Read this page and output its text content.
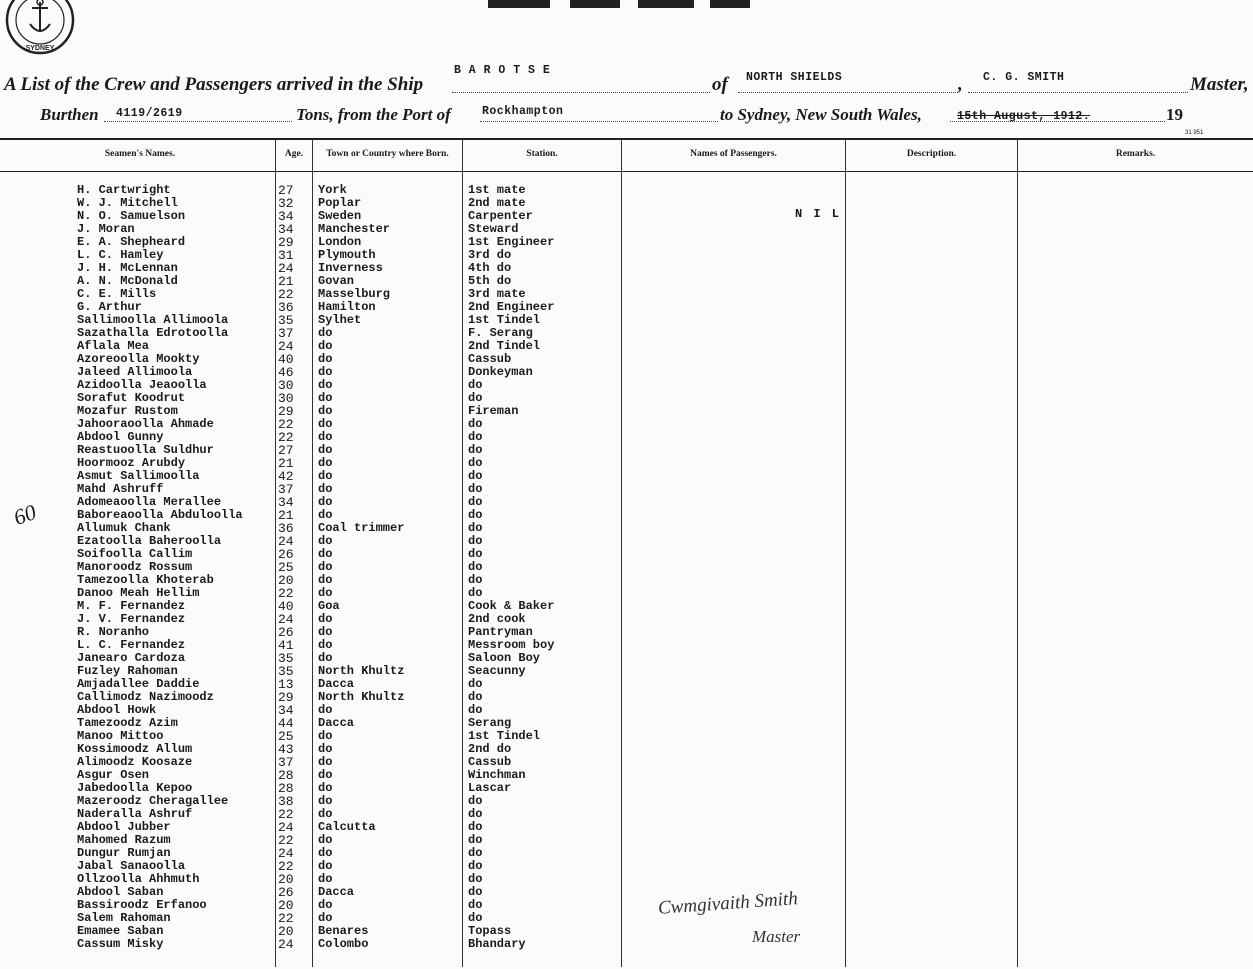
SYDNEY
A List of the Crew and Passengers arrived in the Ship
B A R O T S E
of NORTH SHIELDS	, C. G. SMITH	Master,
Burthen 4119/2619	Tons, from the Port of	Rockhampton	to Sydney, New South Wales,	15th August, 1912.	19
31 951
Seamen's Names.	Age.	Town or Country where Born.	Station.	Names of Passengers.	Description.	Remarks.
N I L
60
H. Cartwright	27 York	1st mate
W. J. Mitchell	32 Poplar	2nd mate
N. O. Samuelson	34 Sweden	Carpenter
J. Moran	34 Manchester	Steward
E. A. Shepheard	29 London	1st Engineer
L. C. Hamley	31 Plymouth	3rd do
J. H. McLennan	24 Inverness	4th do
A. N. McDonald	21 Govan	5th do
C. E. Mills	22 Masselburg	3rd mate
G. Arthur	36 Hamilton	2nd Engineer
Sallimoolla Allimoola	35 Sylhet	1st Tindel
Sazathalla Edrotoolla	37 do	F. Serang
Aflala Mea	24 do	2nd Tindel
Azoreoolla Mookty	40 do	Cassub
Jaleed Allimoola	46 do	Donkeyman
Azidoolla Jeaoolla	30 do	do
Sorafut Koodrut	30 do	do
Mozafur Rustom	29 do	Fireman
Jahooraoolla Ahmade	22 do	do
Abdool Gunny	22 do	do
Reastuoolla Suldhur	27 do	do
Hoormooz Arubdy	21 do	do
Asmut Sallimoolla	42 do	do
Mahd Ashruff	37 do	do
Adomeaoolla Merallee	34 do	do
Baboreaoolla Abduloolla	21 do	do
Allumuk Chank	36 Coal trimmer	do
Ezatoolla Baheroolla	24 do	do
Soifoolla Callim	26 do	do
Manoroodz Rossum	25 do	do
Tamezoolla Khoterab	20 do	do
Danoo Meah Hellim	22 do	do
M. F. Fernandez	40 Goa	Cook & Baker
J. V. Fernandez	24 do	2nd cook
R. Noranho	26 do	Pantryman
L. C. Fernandez	41 do	Messroom boy
Janearo Cardoza	35 do	Saloon Boy
Fuzley Rahoman	35 North Khultz	Seacunny
Amjadallee Daddie	13 Dacca	do
Callimodz Nazimoodz	29 North Khultz	do
Abdool Howk	34 do	do
Tamezoodz Azim	44 Dacca	Serang
Manoo Mittoo	25 do	1st Tindel
Kossimoodz Allum	43 do	2nd do
Alimoodz Koosaze	37 do	Cassub
Asgur Osen	28 do	Winchman
Jabedoolla Kepoo	28 do	Lascar
Mazeroodz Cheragallee	38 do	do
Naderalla Ashruf	22 do	do
Abdool Jubber	24 Calcutta	do
Mahomed Razum	22 do	do
Dungur Rumjan	24 do	do
Jabal Sanaoolla	22 do	do
Ollzoolla Ahhmuth	20 do	do
Abdool Saban	26 Dacca	do
Bassiroodz Erfanoo	20 do	do
Salem Rahoman	22 do	do
Emamee Saban	20 Benares	Topass
Cassum Misky	24 Colombo	Bhandary
Cwmgivaith Smith
Master
